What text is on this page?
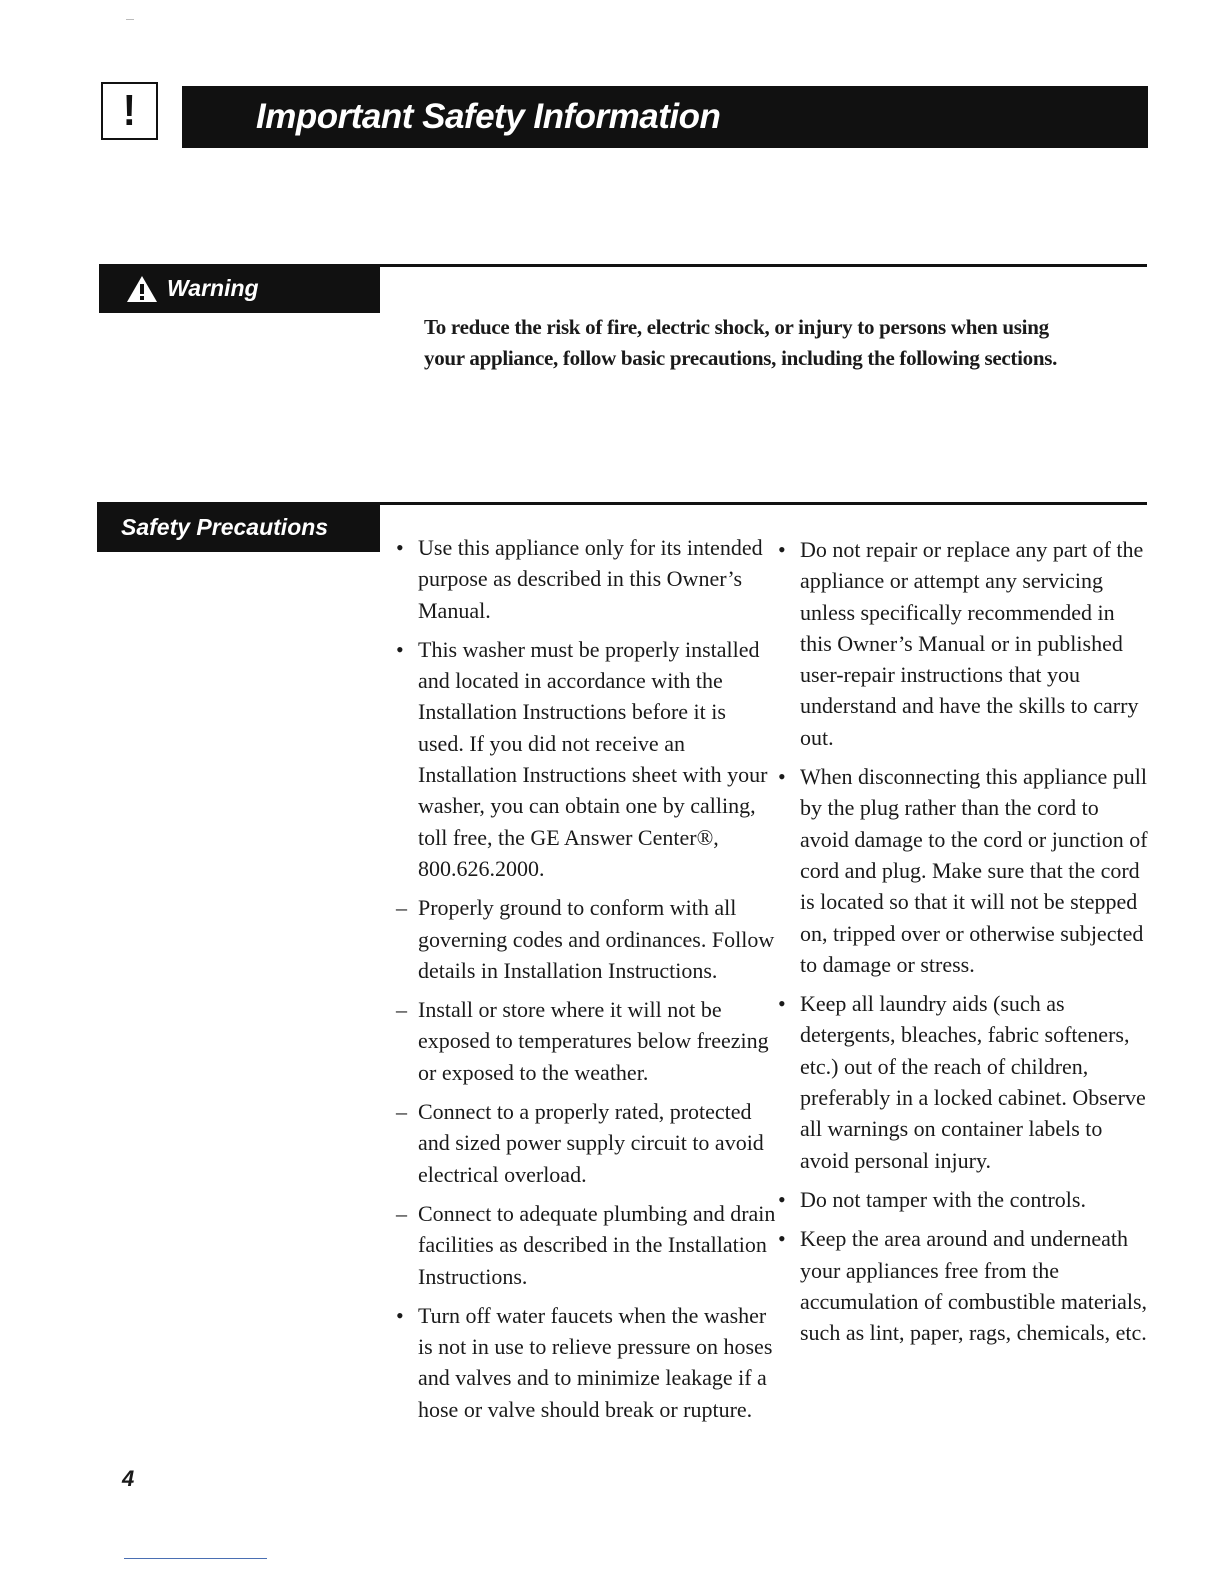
!	Important Safety Information
Warning
To reduce the risk of fire, electric shock, or injury to persons when using your appliance, follow basic precautions, including the following sections.
Safety Precautions
• Use this appliance only for its intended purpose as described in this Owner’s Manual.
• This washer must be properly installed and located in accordance with the Installation Instructions before it is used. If you did not receive an Installation Instructions sheet with your washer, you can obtain one by calling, toll free, the GE Answer Center®, 800.626.2000.
– Properly ground to conform with all governing codes and ordinances. Follow details in Installation Instructions.
– Install or store where it will not be exposed to temperatures below freezing or exposed to the weather.
– Connect to a properly rated, protected and sized power supply circuit to avoid electrical overload.
– Connect to adequate plumbing and drain facilities as described in the Installation Instructions.
• Turn off water faucets when the washer is not in use to relieve pressure on hoses and valves and to minimize leakage if a hose or valve should break or rupture.
• Do not repair or replace any part of the appliance or attempt any servicing unless specifically recommended in this Owner’s Manual or in published user-repair instructions that you understand and have the skills to carry out.
• When disconnecting this appliance pull by the plug rather than the cord to avoid damage to the cord or junction of cord and plug. Make sure that the cord is located so that it will not be stepped on, tripped over or otherwise subjected to damage or stress.
• Keep all laundry aids (such as detergents, bleaches, fabric softeners, etc.) out of the reach of children, preferably in a locked cabinet. Observe all warnings on container labels to avoid personal injury.
• Do not tamper with the controls.
• Keep the area around and underneath your appliances free from the accumulation of combustible materials, such as lint, paper, rags, chemicals, etc.
4
